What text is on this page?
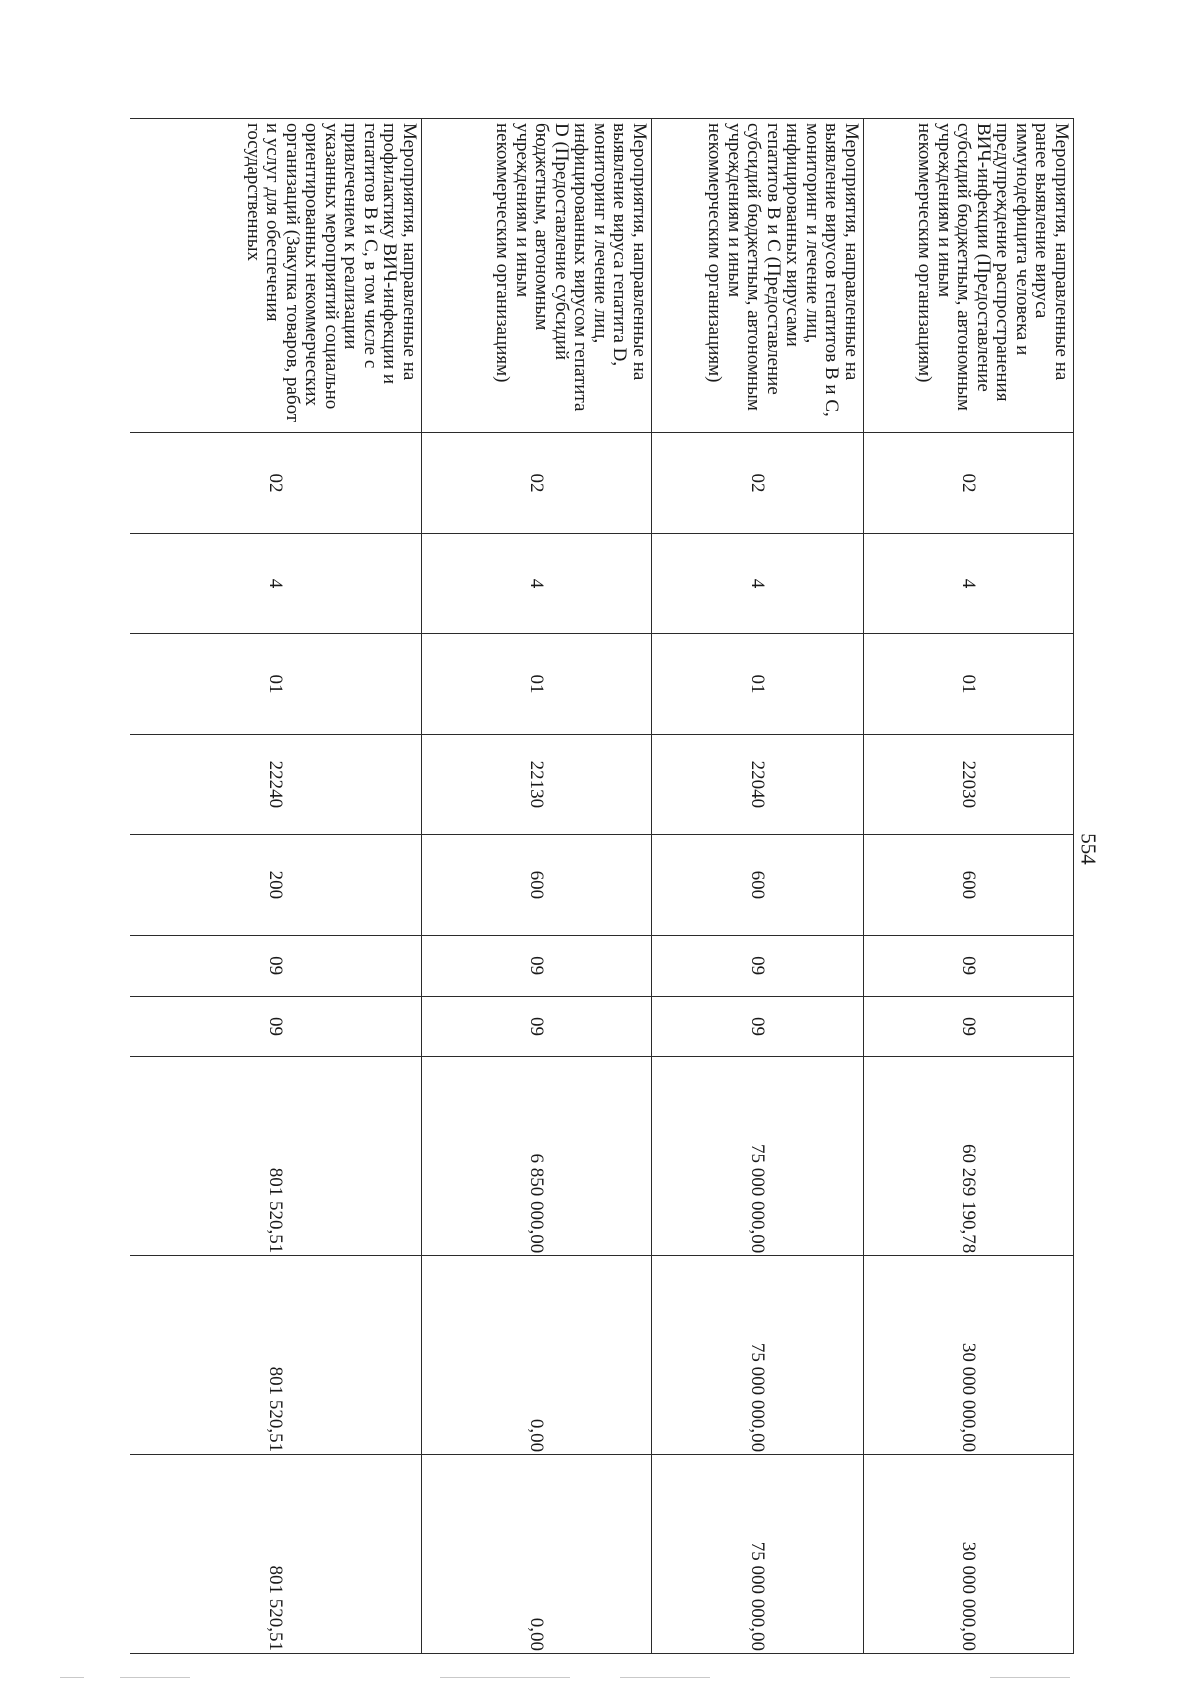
554
Мероприятия, направленные на ранее выявление вируса иммунодефицита человека и предупреждение распространения ВИЧ-инфекции (Предоставление субсидий бюджетным, автономным учреждениям и иным некоммерческим организациям)	02	4	01	22030	600	09	09	60 269 190,78	30 000 000,00	30 000 000,00
Мероприятия, направленные на выявление вирусов гепатитов В и С, мониторинг и лечение лиц, инфицированных вирусами гепатитов В и С (Предоставление субсидий бюджетным, автономным учреждениям и иным некоммерческим организациям)	02	4	01	22040	600	09	09	75 000 000,00	75 000 000,00	75 000 000,00
Мероприятия, направленные на выявление вируса гепатита D, мониторинг и лечение лиц, инфицированных вирусом гепатита D (Предоставление субсидий бюджетным, автономным учреждениям и иным некоммерческим организациям)	02	4	01	22130	600	09	09	6 850 000,00	0,00	0,00
Мероприятия, направленные на профилактику ВИЧ-инфекции и гепатитов В и С, в том числе с привлечением к реализации указанных мероприятий социально ориентированных некоммерческих организаций (Закупка товаров, работ и услуг для обеспечения государственных	02	4	01	22240	200	09	09	801 520,51	801 520,51	801 520,51
